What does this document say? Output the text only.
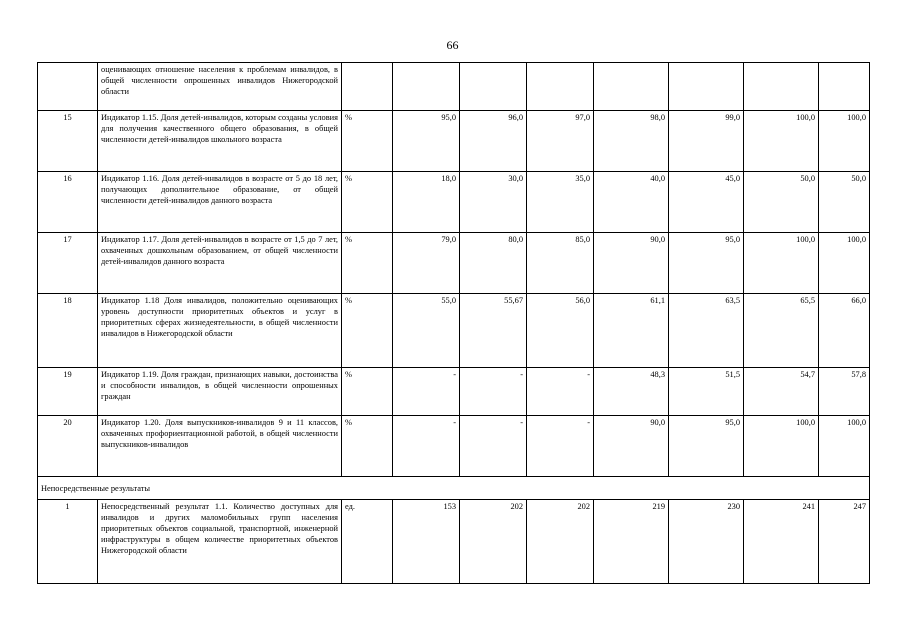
66
	оценивающих отношение населения к проблемам инвалидов, в общей численности опрошенных инвалидов Нижегородской области								
15	Индикатор 1.15. Доля детей-инвалидов, которым созданы условия для получения качественного общего образования, в общей численности детей-инвалидов школьного возраста	%	95,0	96,0	97,0	98,0	99,0	100,0	100,0
16	Индикатор 1.16. Доля детей-инвалидов в возрасте от 5 до 18 лет, получающих дополнительное образование, от общей численности детей-инвалидов данного возраста	%	18,0	30,0	35,0	40,0	45,0	50,0	50,0
17	Индикатор 1.17. Доля детей-инвалидов в возрасте от 1,5 до 7 лет, охваченных дошкольным образованием, от общей численности детей-инвалидов данного возраста	%	79,0	80,0	85,0	90,0	95,0	100,0	100,0
18	Индикатор 1.18 Доля инвалидов, положительно оценивающих уровень доступности приоритетных объектов и услуг в приоритетных сферах жизнедеятельности, в общей численности инвалидов в Нижегородской области	%	55,0	55,67	56,0	61,1	63,5	65,5	66,0
19	Индикатор 1.19. Доля граждан, признающих навыки, достоинства и способности инвалидов, в общей численности опрошенных граждан	%	-	-	-	48,3	51,5	54,7	57,8
20	Индикатор 1.20. Доля выпускников-инвалидов 9 и 11 классов, охваченных профориентационной работой, в общей численности выпускников-инвалидов	%	-	-	-	90,0	95,0	100,0	100,0
Непосредственные результаты									
1	Непосредственный результат 1.1. Количество доступных для инвалидов и других маломобильных групп населения приоритетных объектов социальной, транспортной, инженерной инфраструктуры в общем количестве приоритетных объектов Нижегородской области	ед.	153	202	202	219	230	241	247
